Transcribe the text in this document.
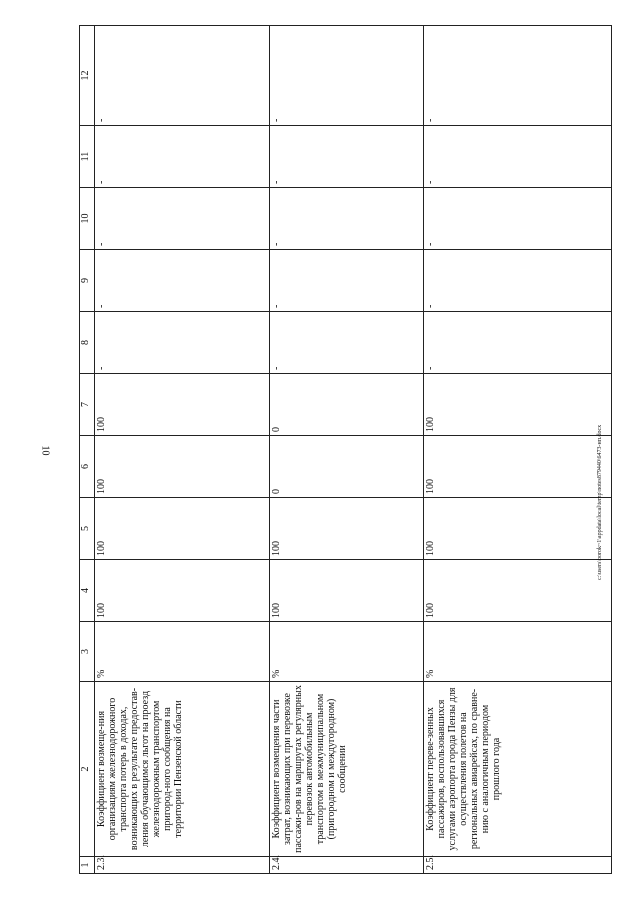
10
1	2	3	4	5	6	7	8	9	10	11	12
2.3.	Коэффициент возмеще-ния организациям железнодорожного транспорта потерь в доходах, возникающих в результате предостав-ления обучающимся льгот на проезд железнодорожным транспортом пригород-ного сообщения на территории Пензенской области	%	100	100	100	100	-	-	-	-	-
2.4.	Коэффициент возмещения части затрат, возникающих при перевозке пассажи-ров на маршрутах регулярных перевозок автомобильным транспортом в межмуниципальном (пригородном и междугородном) сообщении	%	100	100	0	0	-	-	-	-	-
2.5.	Коэффициент перевe-зенных пассажиров, воспользовавшихся услугами аэропорта города Пензы для осуществления полетов на региональных авиарейсах, по сравне-нию с аналогичным периодом прошлого года	%	100	100	100	100	-	-	-	-	-
c:\users\borok~1\appdata\local\temp\notes879440\6473-нп.docx
